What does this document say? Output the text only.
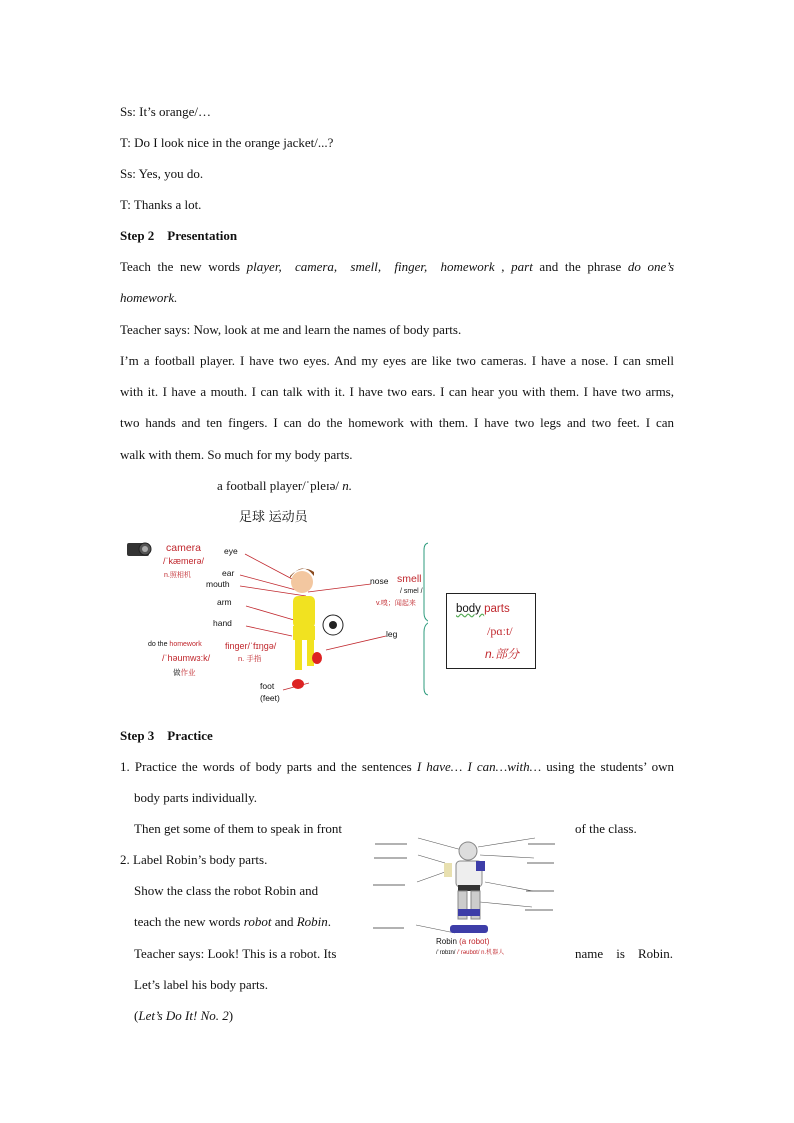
Ss: It’s orange/…
T: Do I look nice in the orange jacket/...?
Ss: Yes, you do.
T: Thanks a lot.
Step 2    Presentation
Teach the new words player,  camera,  smell,  finger,  homework , part and the phrase do one’s
homework.
Teacher says: Now, look at me and learn the names of body parts.
I’m a football player. I have two eyes. And my eyes are like two cameras. I have a nose. I can smell
with it. I have a mouth. I can talk with it. I have two ears. I can hear you with them. I have two arms,
two hands and ten fingers. I can do the homework with them. I have two legs and two feet. I can
walk with them. So much for my body parts.
a football player/ˈpleɪə/ n.
足球 运动员
camera
/ˈkæmerə/
n.照相机
eye
ear
mouth
arm
hand
nose
leg
foot
(feet)
smell
/ smel /
v.嗅；闻起来
do the homework
/ˈhəumwɜ:k/
做作业
finger/ˈfɪŋgə/
n. 手指
body parts
/pɑːt/
n.部分
Step 3    Practice
1. Practice the words of body parts and the sentences I have… I can…with… using the students’ own
body parts individually.
Then get some of them to speak in front	of the class.
2. Label Robin’s body parts.
Show the class the robot Robin and
teach the new words robot and Robin.
Teacher says: Look! This is a robot. Its	name    is    Robin.
Let’s label his body parts.
(Let’s Do It! No. 2)
Robin (a robot)
/ˈrɒbɪn/ /ˈrəubɒt/ n.机器人
